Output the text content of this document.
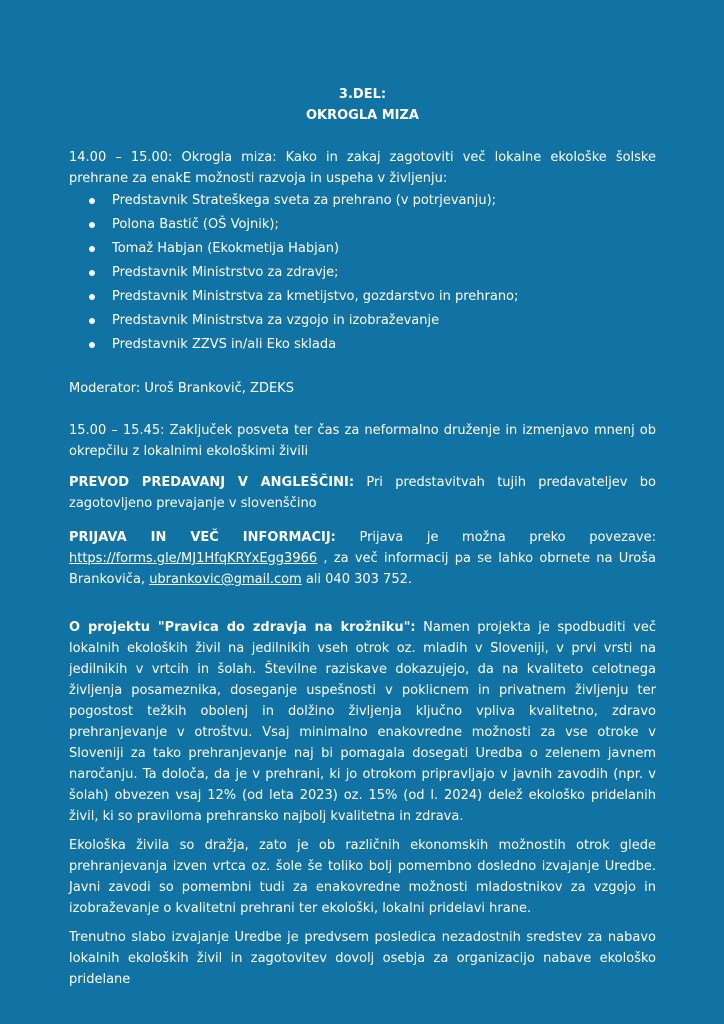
3.DEL:

OKROGLA MIZA

14.00 – 15.00: Okrogla miza: Kako in zakaj zagotoviti več lokalne ekološke šolske prehrane za enakE možnosti razvoja in uspeha v življenju:

Predstavnik Strateškega sveta za prehrano (v potrjevanju);
Polona Bastič (OŠ Vojnik);
Tomaž Habjan (Ekokmetija Habjan)
Predstavnik Ministrstvo za zdravje;
Predstavnik Ministrstva za kmetijstvo, gozdarstvo in prehrano;
Predstavnik Ministrstva za vzgojo in izobraževanje
Predstavnik ZZVS in/ali Eko sklada

Moderator: Uroš Brankovič, ZDEKS

15.00 – 15.45: Zaključek posveta ter čas za neformalno druženje in izmenjavo mnenj ob okrepčilu z lokalnimi ekološkimi živili

PREVOD PREDAVANJ V ANGLEŠČINI: Pri predstavitvah tujih predavateljev bo zagotovljeno prevajanje v slovenščino

PRIJAVA IN VEČ INFORMACIJ: Prijava je možna preko povezave: https://forms.gle/MJ1HfqKRYxEgg3966 , za več informacij pa se lahko obrnete na Uroša Brankoviča, ubrankovic@gmail.com ali 040 303 752.

O projektu "Pravica do zdravja na krožniku": Namen projekta je spodbuditi več lokalnih ekoloških živil na jedilnikih vseh otrok oz. mladih v Sloveniji, v prvi vrsti na jedilnikih v vrtcih in šolah. Številne raziskave dokazujejo, da na kvaliteto celotnega življenja posameznika, doseganje uspešnosti v poklicnem in privatnem življenju ter pogostost težkih obolenj in dolžino življenja ključno vpliva kvalitetno, zdravo prehranjevanje v otroštvu. Vsaj minimalno enakovredne možnosti za vse otroke v Sloveniji za tako prehranjevanje naj bi pomagala dosegati Uredba o zelenem javnem naročanju. Ta določa, da je v prehrani, ki jo otrokom pripravljajo v javnih zavodih (npr. v šolah) obvezen vsaj 12% (od leta 2023) oz. 15% (od l. 2024) delež ekološko pridelanih živil, ki so praviloma prehransko najbolj kvalitetna in zdrava.

Ekološka živila so dražja, zato je ob različnih ekonomskih možnostih otrok glede prehranjevanja izven vrtca oz. šole še toliko bolj pomembno dosledno izvajanje Uredbe. Javni zavodi so pomembni tudi za enakovredne možnosti mladostnikov za vzgojo in izobraževanje o kvalitetni prehrani ter ekološki, lokalni pridelavi hrane.

Trenutno slabo izvajanje Uredbe je predvsem posledica nezadostnih sredstev za nabavo lokalnih ekoloških živil in zagotovitev dovolj osebja za organizacijo nabave ekološko pridelane
